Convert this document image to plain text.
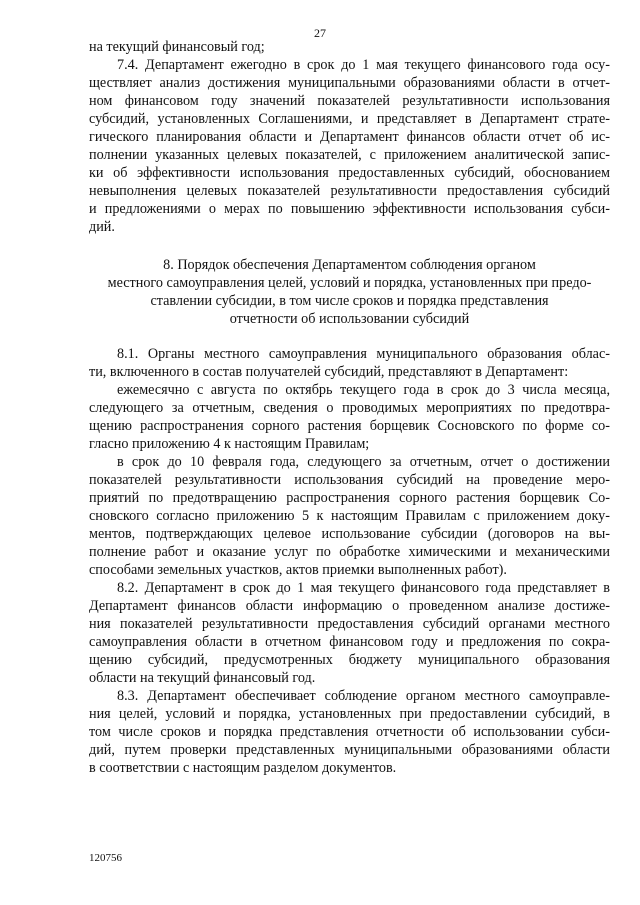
27

на текущий финансовый год;

7.4. Департамент ежегодно в срок до 1 мая текущего финансового года осу-

ществляет анализ достижения муниципальными образованиями области в отчет-

ном финансовом году значений показателей результативности использования

субсидий, установленных Соглашениями, и представляет в Департамент страте-

гического планирования области и Департамент финансов области отчет об ис-

полнении указанных целевых показателей, с приложением аналитической запис-

ки об эффективности использования предоставленных субсидий, обоснованием

невыполнения целевых показателей результативности предоставления субсидий

и предложениями о мерах по повышению эффективности использования субси-

дий.

8. Порядок обеспечения Департаментом соблюдения органом

местного самоуправления целей, условий и порядка, установленных при предо-

ставлении субсидии, в том числе сроков и порядка представления

отчетности об использовании субсидий

8.1. Органы местного самоуправления муниципального образования облас-

ти, включенного в состав получателей субсидий, представляют в Департамент:

ежемесячно с августа по октябрь текущего года в срок до 3 числа месяца,

следующего за отчетным, сведения о проводимых мероприятиях по предотвра-

щению распространения сорного растения борщевик Сосновского по форме со-

гласно приложению 4 к настоящим Правилам;

в срок до 10 февраля года, следующего за отчетным, отчет о достижении

показателей результативности использования субсидий на проведение меро-

приятий по предотвращению распространения сорного растения борщевик Со-

сновского согласно приложению 5 к настоящим Правилам с приложением доку-

ментов, подтверждающих целевое использование субсидии (договоров на вы-

полнение работ и оказание услуг по обработке химическими и механическими

способами земельных участков, актов приемки выполненных работ).

8.2. Департамент в срок до 1 мая текущего финансового года представляет в

Департамент финансов области информацию о проведенном анализе достиже-

ния показателей результативности предоставления субсидий органами местного

самоуправления области в отчетном финансовом году и предложения по сокра-

щению субсидий, предусмотренных бюджету муниципального образования

области на текущий финансовый год.

8.3. Департамент обеспечивает соблюдение органом местного самоуправле-

ния целей, условий и порядка, установленных при предоставлении субсидий, в

том числе сроков и порядка представления отчетности об использовании субси-

дий, путем проверки представленных муниципальными образованиями области

в соответствии с настоящим разделом документов.

120756
